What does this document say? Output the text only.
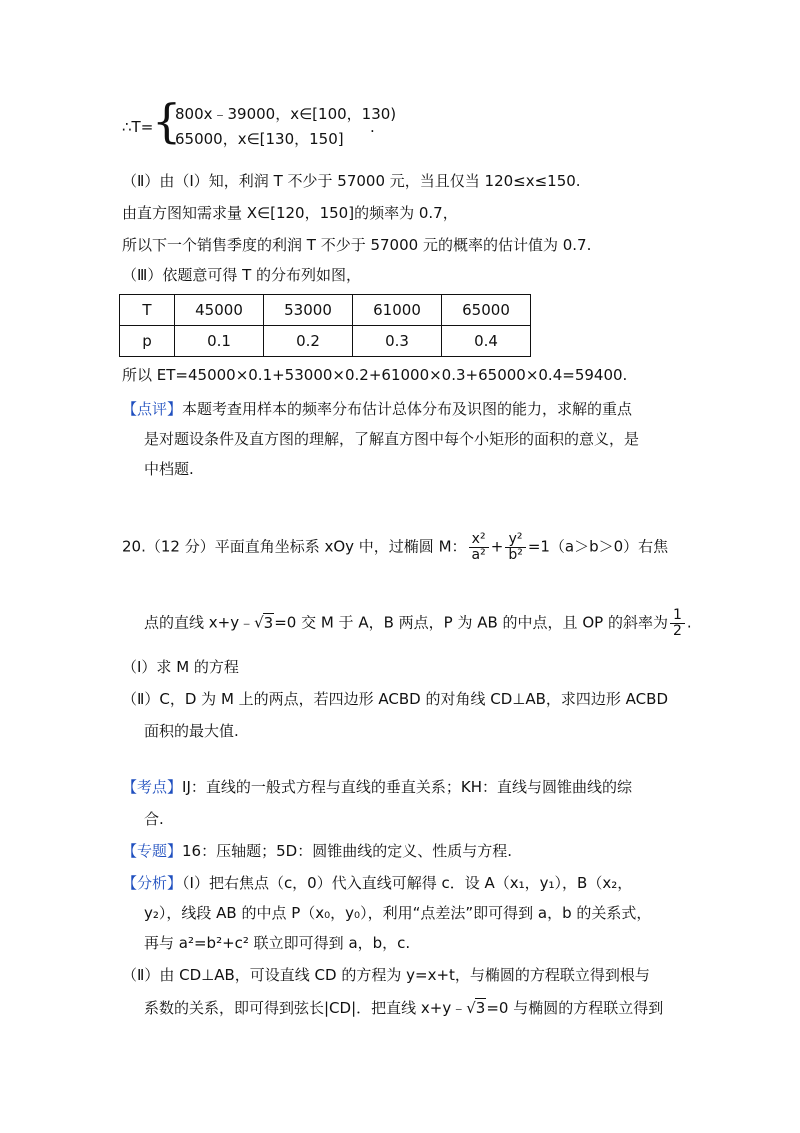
∴T=
{
800x﹣39000，x∈[100，130)
65000，x∈[130，150]
.
（Ⅱ）由（Ⅰ）知，利润 T 不少于 57000 元，当且仅当 120≤x≤150.
由直方图知需求量 X∈[120，150]的频率为 0.7，
所以下一个销售季度的利润 T 不少于 57000 元的概率的估计值为 0.7.
（Ⅲ）依题意可得 T 的分布列如图，
T	45000	53000	61000	65000
p	0.1	0.2	0.3	0.4
所以 ET=45000×0.1+53000×0.2+61000×0.3+65000×0.4=59400.
【点评】本题考查用样本的频率分布估计总体分布及识图的能力，求解的重点
是对题设条件及直方图的理解，了解直方图中每个小矩形的面积的意义，是
中档题.
20.（12 分）平面直角坐标系 xOy 中，过椭圆 M： $\frac{\text{x²}}{\text{a²}} + \frac{\text{y²}}{\text{b²}} =1(a>b>0)$右焦
点的直线 x+y﹣√3=0 交 M 于 A，B 两点，P 为 AB 的中点，且 OP 的斜率为 $\frac{1}{2}$ .
（Ⅰ）求 M 的方程
（Ⅱ）C，D 为 M 上的两点，若四边形 ACBD 的对角线 CD⊥AB，求四边形 ACBD
面积的最大值.
【考点】IJ：直线的一般式方程与直线的垂直关系；KH：直线与圆锥曲线的综
合.
【专题】16：压轴题；5D：圆锥曲线的定义、性质与方程.
【分析】（Ⅰ）把右焦点（c，0）代入直线可解得 c．设 A（x₁，y₁），B（x₂，
y₂），线段 AB 的中点 P（x₀，y₀），利用“点差法”即可得到 a，b 的关系式，
再与 a²=b²+c² 联立即可得到 a，b，c.
（Ⅱ）由 CD⊥AB，可设直线 CD 的方程为 y=x+t，与椭圆的方程联立得到根与
系数的关系，即可得到弦长|CD|．把直线 x+y﹣√3=0 与椭圆的方程联立得到
